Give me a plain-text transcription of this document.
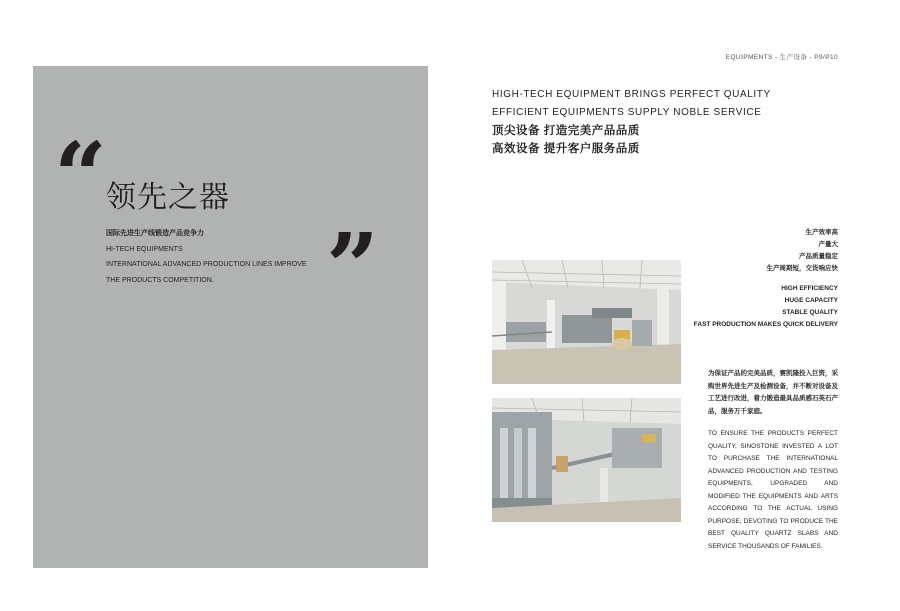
EQUIPMENTS - 生产设备 - P9/P10
“ 领先之器
国际先进生产线锻造产品竞争力
HI-TECH EQUIPMENTS
INTERNATIONAL ADVANCED PRODUCTION LINES IMPROVE
THE PRODUCTS COMPETITION.	”
HIGH-TECH EQUIPMENT BRINGS PERFECT QUALITY
EFFICIENT EQUIPMENTS SUPPLY NOBLE SERVICE
顶尖设备 打造完美产品品质
高效设备 提升客户服务品质
生产效率高
产量大
产品质量稳定
生产周期短，交货响应快
HIGH EFFICIENCY
HUGE CAPACITY
STABLE QUALITY
FAST PRODUCTION MAKES QUICK DELIVERY
为保证产品的完美品质，赛凯隆投入巨资，采购世界先进生产及检测设备，并不断对设备及工艺进行改进，着力锻造最具品质感石英石产品，服务万千家庭。
TO ENSURE THE PRODUCTS PERFECT QUALITY, SINOSTONE INVESTED A LOT TO PURCHASE THE INTERNATIONAL ADVANCED PRODUCTION AND TESTING EQUIPMENTS, UPGRADED AND MODIFIED THE EQUIPMENTS AND ARTS ACCORDING TO THE ACTUAL USING PURPOSE, DEVOTING TO PRODUCE THE BEST QUALITY QUARTZ SLABS AND SERVICE THOUSANDS OF FAMILIES.
